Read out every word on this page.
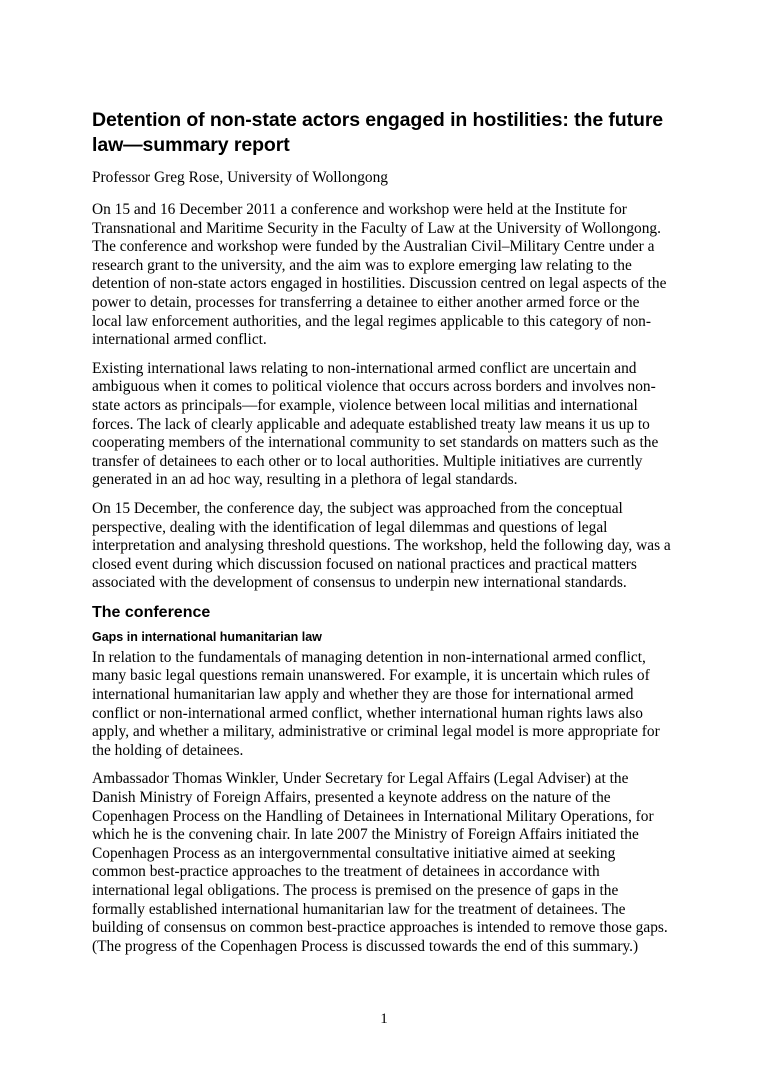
Detention of non-state actors engaged in hostilities: the future law—summary report

Professor Greg Rose, University of Wollongong

On 15 and 16 December 2011 a conference and workshop were held at the Institute for Transnational and Maritime Security in the Faculty of Law at the University of Wollongong. The conference and workshop were funded by the Australian Civil–Military Centre under a research grant to the university, and the aim was to explore emerging law relating to the detention of non-state actors engaged in hostilities. Discussion centred on legal aspects of the power to detain, processes for transferring a detainee to either another armed force or the local law enforcement authorities, and the legal regimes applicable to this category of non-international armed conflict.

Existing international laws relating to non-international armed conflict are uncertain and ambiguous when it comes to political violence that occurs across borders and involves non-state actors as principals—for example, violence between local militias and international forces. The lack of clearly applicable and adequate established treaty law means it us up to cooperating members of the international community to set standards on matters such as the transfer of detainees to each other or to local authorities. Multiple initiatives are currently generated in an ad hoc way, resulting in a plethora of legal standards.

On 15 December, the conference day, the subject was approached from the conceptual perspective, dealing with the identification of legal dilemmas and questions of legal interpretation and analysing threshold questions. The workshop, held the following day, was a closed event during which discussion focused on national practices and practical matters associated with the development of consensus to underpin new international standards.

The conference
Gaps in international humanitarian law

In relation to the fundamentals of managing detention in non-international armed conflict, many basic legal questions remain unanswered. For example, it is uncertain which rules of international humanitarian law apply and whether they are those for international armed conflict or non-international armed conflict, whether international human rights laws also apply, and whether a military, administrative or criminal legal model is more appropriate for the holding of detainees.

Ambassador Thomas Winkler, Under Secretary for Legal Affairs (Legal Adviser) at the Danish Ministry of Foreign Affairs, presented a keynote address on the nature of the Copenhagen Process on the Handling of Detainees in International Military Operations, for which he is the convening chair. In late 2007 the Ministry of Foreign Affairs initiated the Copenhagen Process as an intergovernmental consultative initiative aimed at seeking common best-practice approaches to the treatment of detainees in accordance with international legal obligations. The process is premised on the presence of gaps in the formally established international humanitarian law for the treatment of detainees. The building of consensus on common best-practice approaches is intended to remove those gaps. (The progress of the Copenhagen Process is discussed towards the end of this summary.)

1
